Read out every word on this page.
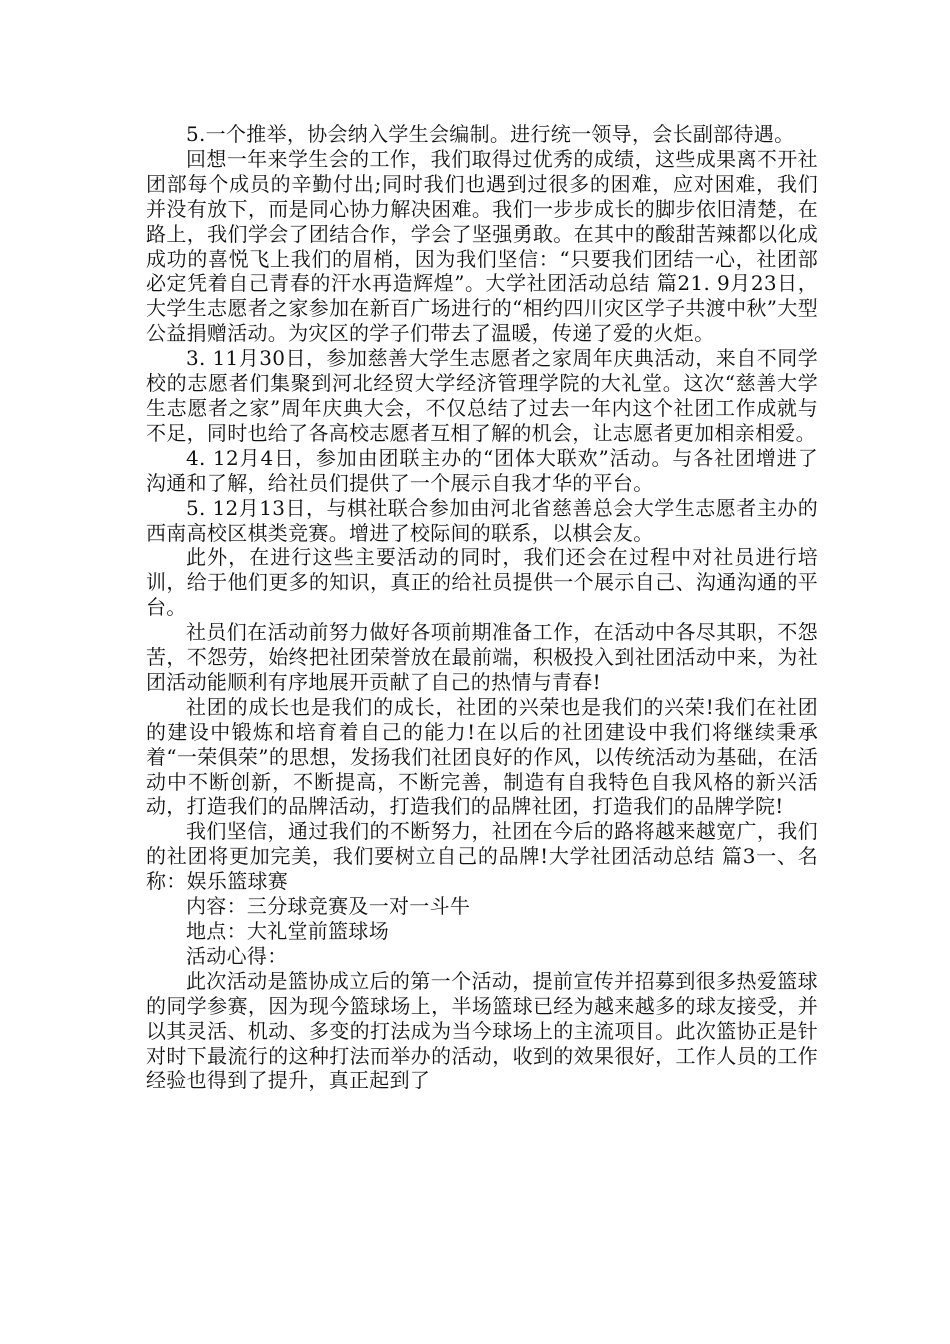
5.一个推举，协会纳入学生会编制。进行统一领导，会长副部待遇。

回想一年来学生会的工作，我们取得过优秀的成绩，这些成果离不开社团部每个成员的辛勤付出;同时我们也遇到过很多的困难，应对困难，我们并没有放下，而是同心协力解决困难。我们一步步成长的脚步依旧清楚，在路上，我们学会了团结合作，学会了坚强勇敢。在其中的酸甜苦辣都以化成成功的喜悦飞上我们的眉梢，因为我们坚信：“只要我们团结一心，社团部必定凭着自己青春的汗水再造辉煌”。大学社团活动总结 篇21. 9月23日，大学生志愿者之家参加在新百广场进行的“相约四川灾区学子共渡中秋”大型公益捐赠活动。为灾区的学子们带去了温暖，传递了爱的火炬。

3. 11月30日，参加慈善大学生志愿者之家周年庆典活动，来自不同学校的志愿者们集聚到河北经贸大学经济管理学院的大礼堂。这次“慈善大学生志愿者之家”周年庆典大会，不仅总结了过去一年内这个社团工作成就与不足，同时也给了各高校志愿者互相了解的机会，让志愿者更加相亲相爱。

4. 12月4日，参加由团联主办的“团体大联欢”活动。与各社团增进了沟通和了解，给社员们提供了一个展示自我才华的平台。

5. 12月13日，与棋社联合参加由河北省慈善总会大学生志愿者主办的西南高校区棋类竞赛。增进了校际间的联系，以棋会友。

此外，在进行这些主要活动的同时，我们还会在过程中对社员进行培训，给于他们更多的知识，真正的给社员提供一个展示自己、沟通沟通的平台。

社员们在活动前努力做好各项前期准备工作，在活动中各尽其职，不怨苦，不怨劳，始终把社团荣誉放在最前端，积极投入到社团活动中来，为社团活动能顺利有序地展开贡献了自己的热情与青春!

社团的成长也是我们的成长，社团的兴荣也是我们的兴荣!我们在社团的建设中锻炼和培育着自己的能力!在以后的社团建设中我们将继续秉承着“一荣俱荣”的思想，发扬我们社团良好的作风，以传统活动为基础，在活动中不断创新，不断提高，不断完善，制造有自我特色自我风格的新兴活动，打造我们的品牌活动，打造我们的品牌社团，打造我们的品牌学院!

我们坚信，通过我们的不断努力，社团在今后的路将越来越宽广，我们的社团将更加完美，我们要树立自己的品牌!大学社团活动总结 篇3一、名称：娱乐篮球赛

内容：三分球竞赛及一对一斗牛

地点：大礼堂前篮球场

活动心得：

此次活动是篮协成立后的第一个活动，提前宣传并招募到很多热爱篮球的同学参赛，因为现今篮球场上，半场篮球已经为越来越多的球友接受，并以其灵活、机动、多变的打法成为当今球场上的主流项目。此次篮协正是针对时下最流行的这种打法而举办的活动，收到的效果很好，工作人员的工作经验也得到了提升，真正起到了
